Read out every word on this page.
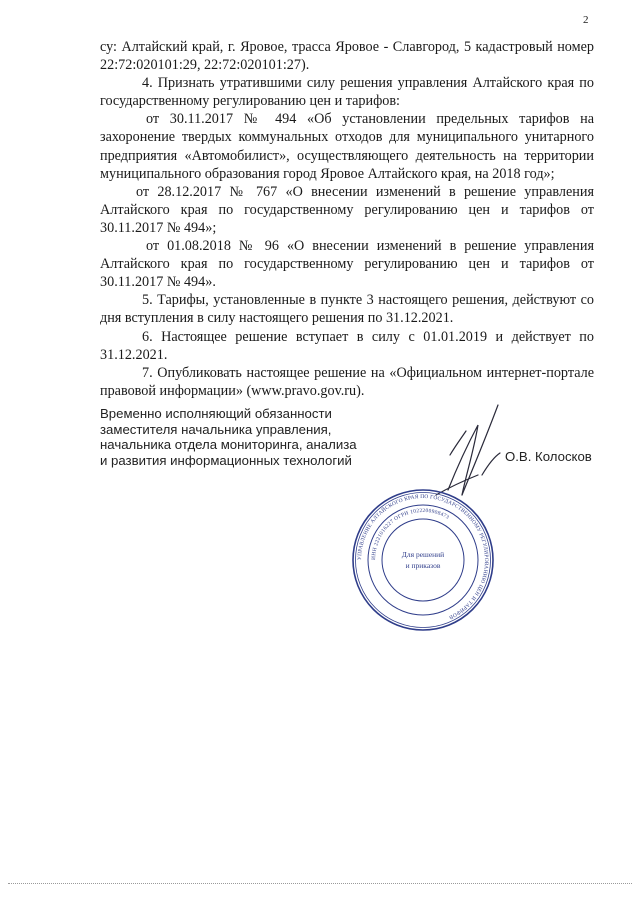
2

су: Алтайский край, г. Яровое, трасса Яровое - Славгород, 5 кадастровый номер 22:72:020101:29, 22:72:020101:27).

4. Признать утратившими силу решения управления Алтайского края по государственному регулированию цен и тарифов:

от 30.11.2017 № 494 «Об установлении предельных тарифов на захоронение твердых коммунальных отходов для муниципального унитарного предприятия «Автомобилист», осуществляющего деятельность на территории муниципального образования город Яровое Алтайского края, на 2018 год»;

от 28.12.2017 № 767 «О внесении изменений в решение управления Алтайского края по государственному регулированию цен и тарифов от 30.11.2017 № 494»;

от 01.08.2018 № 96 «О внесении изменений в решение управления Алтайского края по государственному регулированию цен и тарифов от 30.11.2017 № 494».

5. Тарифы, установленные в пункте 3 настоящего решения, действуют со дня вступления в силу настоящего решения по 31.12.2021.

6. Настоящее решение вступает в силу с 01.01.2019 и действует по 31.12.2021.

7. Опубликовать настоящее решение на «Официальном интернет-портале правовой информации» (www.pravo.gov.ru).

Временно исполняющий обязанности
заместителя начальника управления,
начальника отдела мониторинга, анализа
и развития информационных технологий	О.В. Колосков
УПРАВЛЕНИЕ АЛТАЙСКОГО КРАЯ ПО ГОСУДАРСТВЕННОМУ РЕГУЛИРОВАНИЮ ЦЕН И ТАРИФОВ
ИНН 2221016227 ОГРН 1022200908473
Для решений
и приказов
